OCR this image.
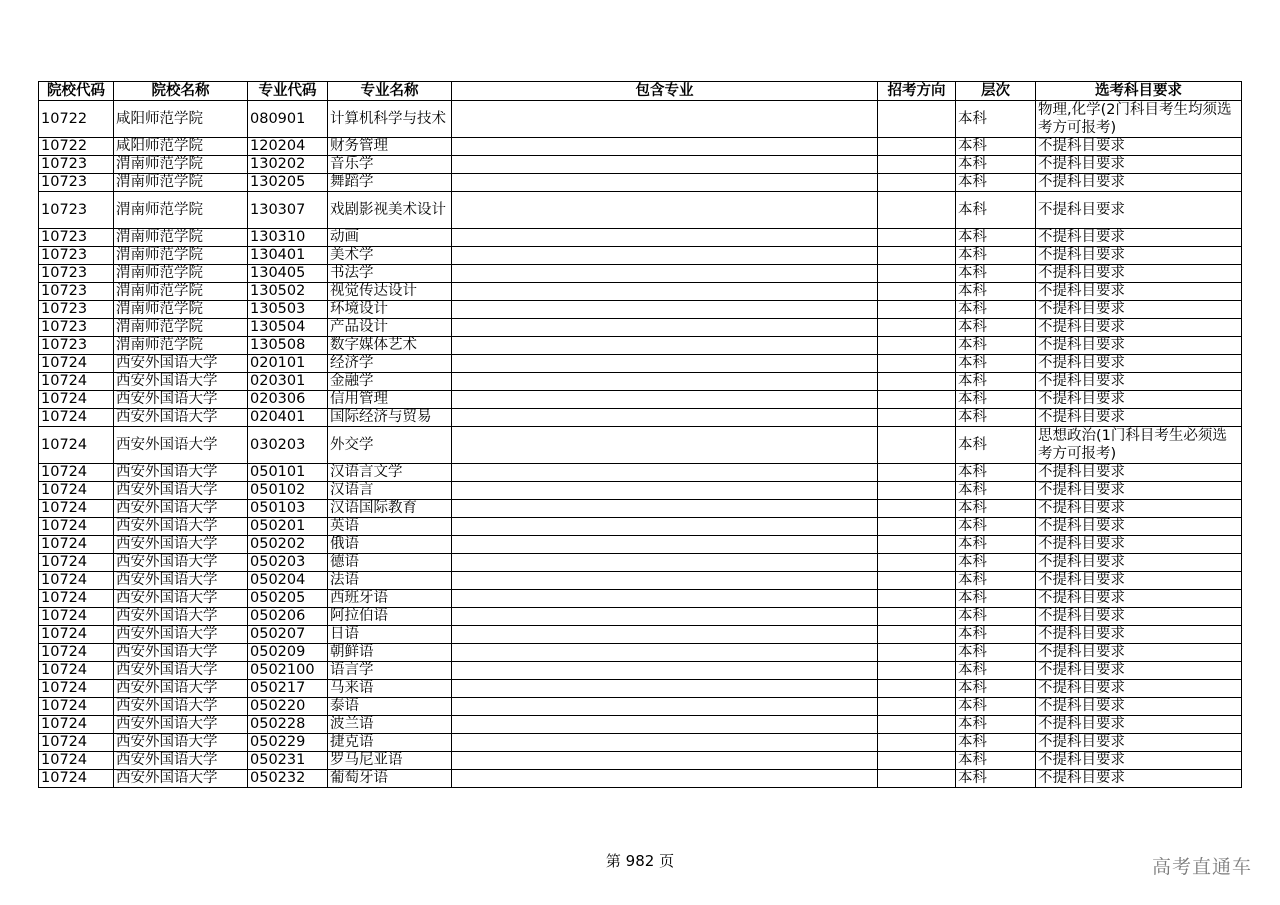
院校代码	院校名称	专业代码	专业名称	包含专业	招考方向	层次	选考科目要求
10722	咸阳师范学院	080901	计算机科学与技术			本科	物理,化学(2门科目考生均须选考方可报考)
10722	咸阳师范学院	120204	财务管理			本科	不提科目要求
10723	渭南师范学院	130202	音乐学			本科	不提科目要求
10723	渭南师范学院	130205	舞蹈学			本科	不提科目要求
10723	渭南师范学院	130307	戏剧影视美术设计			本科	不提科目要求
10723	渭南师范学院	130310	动画			本科	不提科目要求
10723	渭南师范学院	130401	美术学			本科	不提科目要求
10723	渭南师范学院	130405	书法学			本科	不提科目要求
10723	渭南师范学院	130502	视觉传达设计			本科	不提科目要求
10723	渭南师范学院	130503	环境设计			本科	不提科目要求
10723	渭南师范学院	130504	产品设计			本科	不提科目要求
10723	渭南师范学院	130508	数字媒体艺术			本科	不提科目要求
10724	西安外国语大学	020101	经济学			本科	不提科目要求
10724	西安外国语大学	020301	金融学			本科	不提科目要求
10724	西安外国语大学	020306	信用管理			本科	不提科目要求
10724	西安外国语大学	020401	国际经济与贸易			本科	不提科目要求
10724	西安外国语大学	030203	外交学			本科	思想政治(1门科目考生必须选考方可报考)
10724	西安外国语大学	050101	汉语言文学			本科	不提科目要求
10724	西安外国语大学	050102	汉语言			本科	不提科目要求
10724	西安外国语大学	050103	汉语国际教育			本科	不提科目要求
10724	西安外国语大学	050201	英语			本科	不提科目要求
10724	西安外国语大学	050202	俄语			本科	不提科目要求
10724	西安外国语大学	050203	德语			本科	不提科目要求
10724	西安外国语大学	050204	法语			本科	不提科目要求
10724	西安外国语大学	050205	西班牙语			本科	不提科目要求
10724	西安外国语大学	050206	阿拉伯语			本科	不提科目要求
10724	西安外国语大学	050207	日语			本科	不提科目要求
10724	西安外国语大学	050209	朝鲜语			本科	不提科目要求
10724	西安外国语大学	0502100	语言学			本科	不提科目要求
10724	西安外国语大学	050217	马来语			本科	不提科目要求
10724	西安外国语大学	050220	泰语			本科	不提科目要求
10724	西安外国语大学	050228	波兰语			本科	不提科目要求
10724	西安外国语大学	050229	捷克语			本科	不提科目要求
10724	西安外国语大学	050231	罗马尼亚语			本科	不提科目要求
10724	西安外国语大学	050232	葡萄牙语			本科	不提科目要求
第 982 页	高考直通车
